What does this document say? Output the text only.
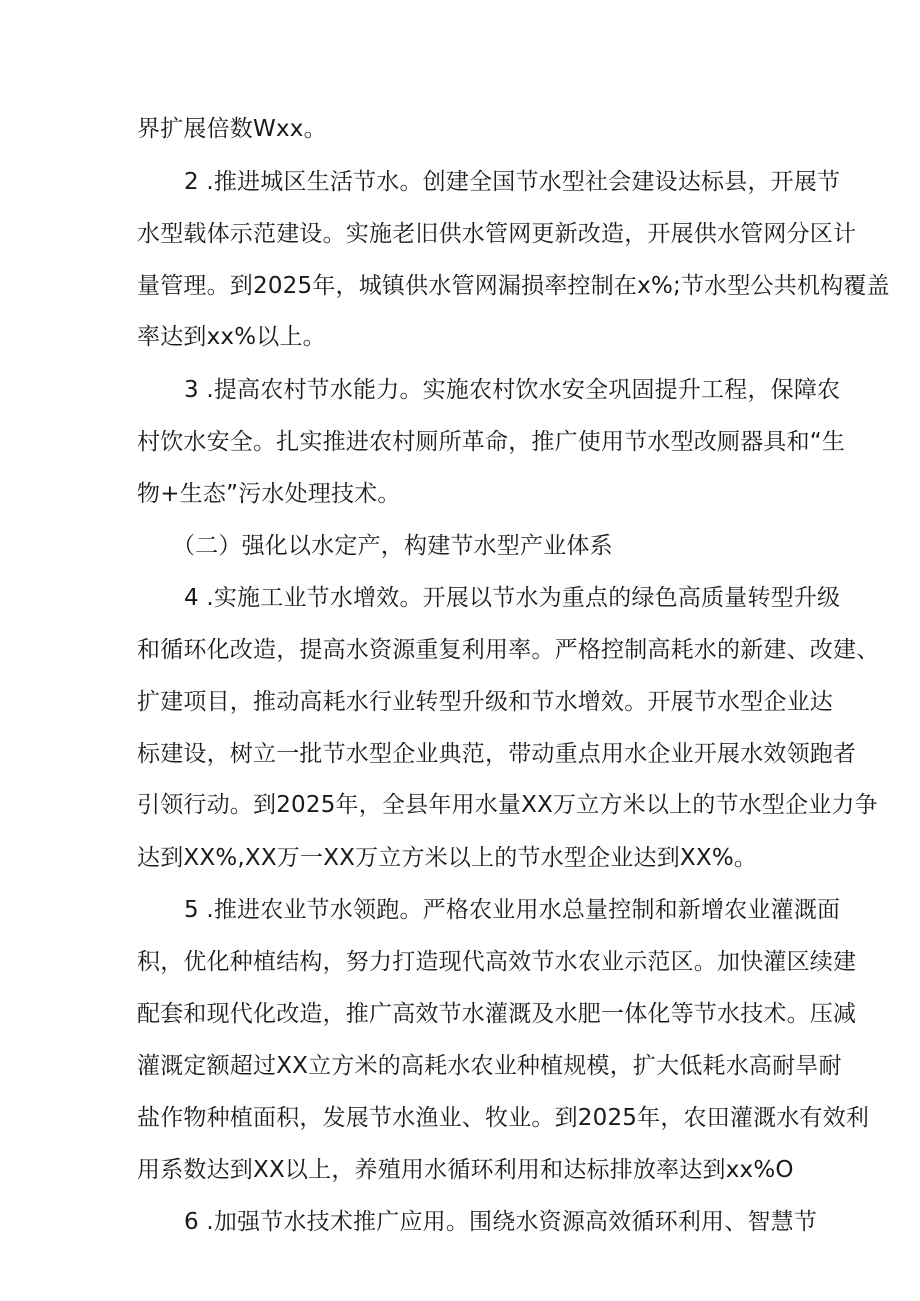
界扩展倍数Wxx。
2 .推进城区生活节水。创建全国节水型社会建设达标县，开展节
水型载体示范建设。实施老旧供水管网更新改造，开展供水管网分区计
量管理。到2025年，城镇供水管网漏损率控制在x%;节水型公共机构覆盖
率达到xx%以上。
3 .提高农村节水能力。实施农村饮水安全巩固提升工程，保障农
村饮水安全。扎实推进农村厕所革命，推广使用节水型改厕器具和“生
物+生态”污水处理技术。
（二）强化以水定产，构建节水型产业体系
4 .实施工业节水增效。开展以节水为重点的绿色高质量转型升级
和循环化改造，提高水资源重复利用率。严格控制高耗水的新建、改建、
扩建项目，推动高耗水行业转型升级和节水增效。开展节水型企业达
标建设，树立一批节水型企业典范，带动重点用水企业开展水效领跑者
引领行动。到2025年，全县年用水量XX万立方米以上的节水型企业力争
达到XX%,XX万一XX万立方米以上的节水型企业达到XX%。
5 .推进农业节水领跑。严格农业用水总量控制和新增农业灌溉面
积，优化种植结构，努力打造现代高效节水农业示范区。加快灌区续建
配套和现代化改造，推广高效节水灌溉及水肥一体化等节水技术。压减
灌溉定额超过XX立方米的高耗水农业种植规模，扩大低耗水高耐旱耐
盐作物种植面积，发展节水渔业、牧业。到2025年，农田灌溉水有效利
用系数达到XX以上，养殖用水循环利用和达标排放率达到xx%O
6 .加强节水技术推广应用。围绕水资源高效循环利用、智慧节
